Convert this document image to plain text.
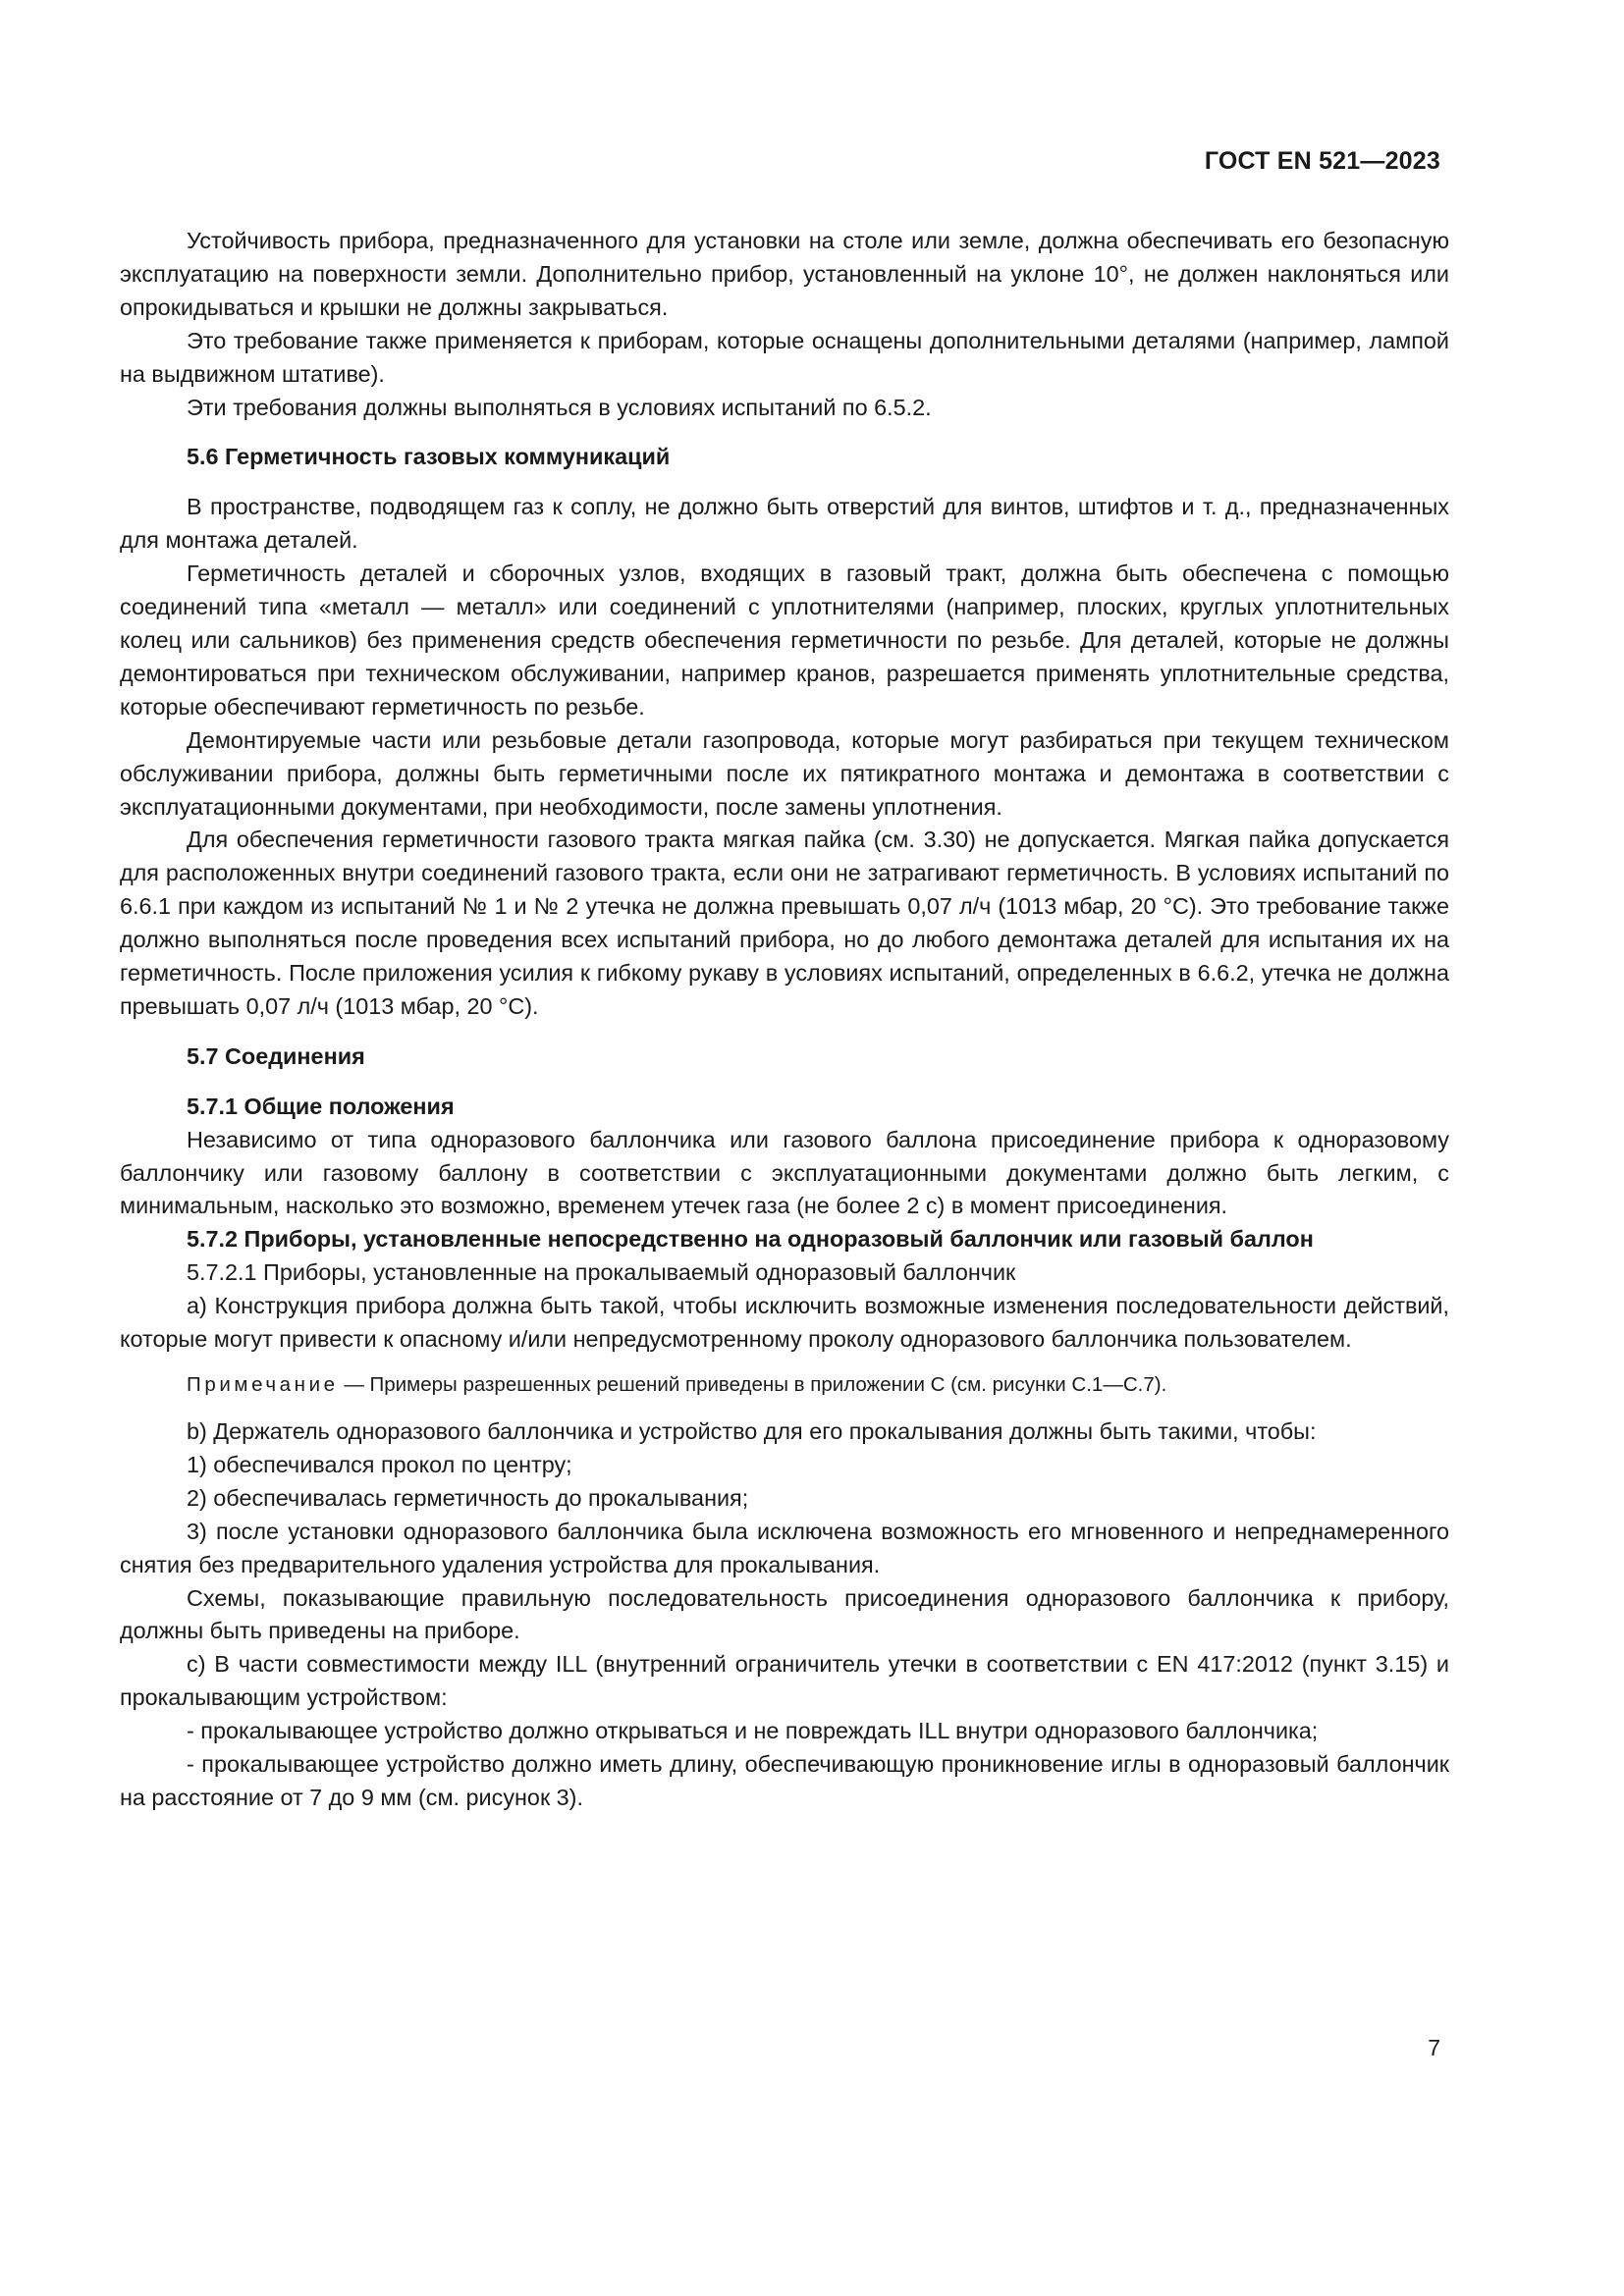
ГОСТ EN 521—2023

Устойчивость прибора, предназначенного для установки на столе или земле, должна обеспечивать его безопасную эксплуатацию на поверхности земли. Дополнительно прибор, установленный на уклоне 10°, не должен наклоняться или опрокидываться и крышки не должны закрываться.

Это требование также применяется к приборам, которые оснащены дополнительными деталями (например, лампой на выдвижном штативе).

Эти требования должны выполняться в условиях испытаний по 6.5.2.

5.6 Герметичность газовых коммуникаций

В пространстве, подводящем газ к соплу, не должно быть отверстий для винтов, штифтов и т. д., предназначенных для монтажа деталей.

Герметичность деталей и сборочных узлов, входящих в газовый тракт, должна быть обеспечена с помощью соединений типа «металл — металл» или соединений с уплотнителями (например, плоских, круглых уплотнительных колец или сальников) без применения средств обеспечения герметичности по резьбе. Для деталей, которые не должны демонтироваться при техническом обслуживании, например кранов, разрешается применять уплотнительные средства, которые обеспечивают герметичность по резьбе.

Демонтируемые части или резьбовые детали газопровода, которые могут разбираться при текущем техническом обслуживании прибора, должны быть герметичными после их пятикратного монтажа и демонтажа в соответствии с эксплуатационными документами, при необходимости, после замены уплотнения.

Для обеспечения герметичности газового тракта мягкая пайка (см. 3.30) не допускается. Мягкая пайка допускается для расположенных внутри соединений газового тракта, если они не затрагивают герметичность. В условиях испытаний по 6.6.1 при каждом из испытаний № 1 и № 2 утечка не должна превышать 0,07 л/ч (1013 мбар, 20 °C). Это требование также должно выполняться после проведения всех испытаний прибора, но до любого демонтажа деталей для испытания их на герметичность. После приложения усилия к гибкому рукаву в условиях испытаний, определенных в 6.6.2, утечка не должна превышать 0,07 л/ч (1013 мбар, 20 °C).

5.7 Соединения

5.7.1 Общие положения

Независимо от типа одноразового баллончика или газового баллона присоединение прибора к одноразовому баллончику или газовому баллону в соответствии с эксплуатационными документами должно быть легким, с минимальным, насколько это возможно, временем утечек газа (не более 2 с) в момент присоединения.

5.7.2 Приборы, установленные непосредственно на одноразовый баллончик или газовый баллон

5.7.2.1 Приборы, установленные на прокалываемый одноразовый баллончик

а) Конструкция прибора должна быть такой, чтобы исключить возможные изменения последовательности действий, которые могут привести к опасному и/или непредусмотренному проколу одноразового баллончика пользователем.

Примечание — Примеры разрешенных решений приведены в приложении С (см. рисунки С.1—С.7).

b) Держатель одноразового баллончика и устройство для его прокалывания должны быть такими, чтобы:

1) обеспечивался прокол по центру;

2) обеспечивалась герметичность до прокалывания;

3) после установки одноразового баллончика была исключена возможность его мгновенного и непреднамеренного снятия без предварительного удаления устройства для прокалывания.

Схемы, показывающие правильную последовательность присоединения одноразового баллончика к прибору, должны быть приведены на приборе.

с) В части совместимости между ILL (внутренний ограничитель утечки в соответствии с EN 417:2012 (пункт 3.15) и прокалывающим устройством:

- прокалывающее устройство должно открываться и не повреждать ILL внутри одноразового баллончика;

- прокалывающее устройство должно иметь длину, обеспечивающую проникновение иглы в одноразовый баллончик на расстояние от 7 до 9 мм (см. рисунок 3).

7
